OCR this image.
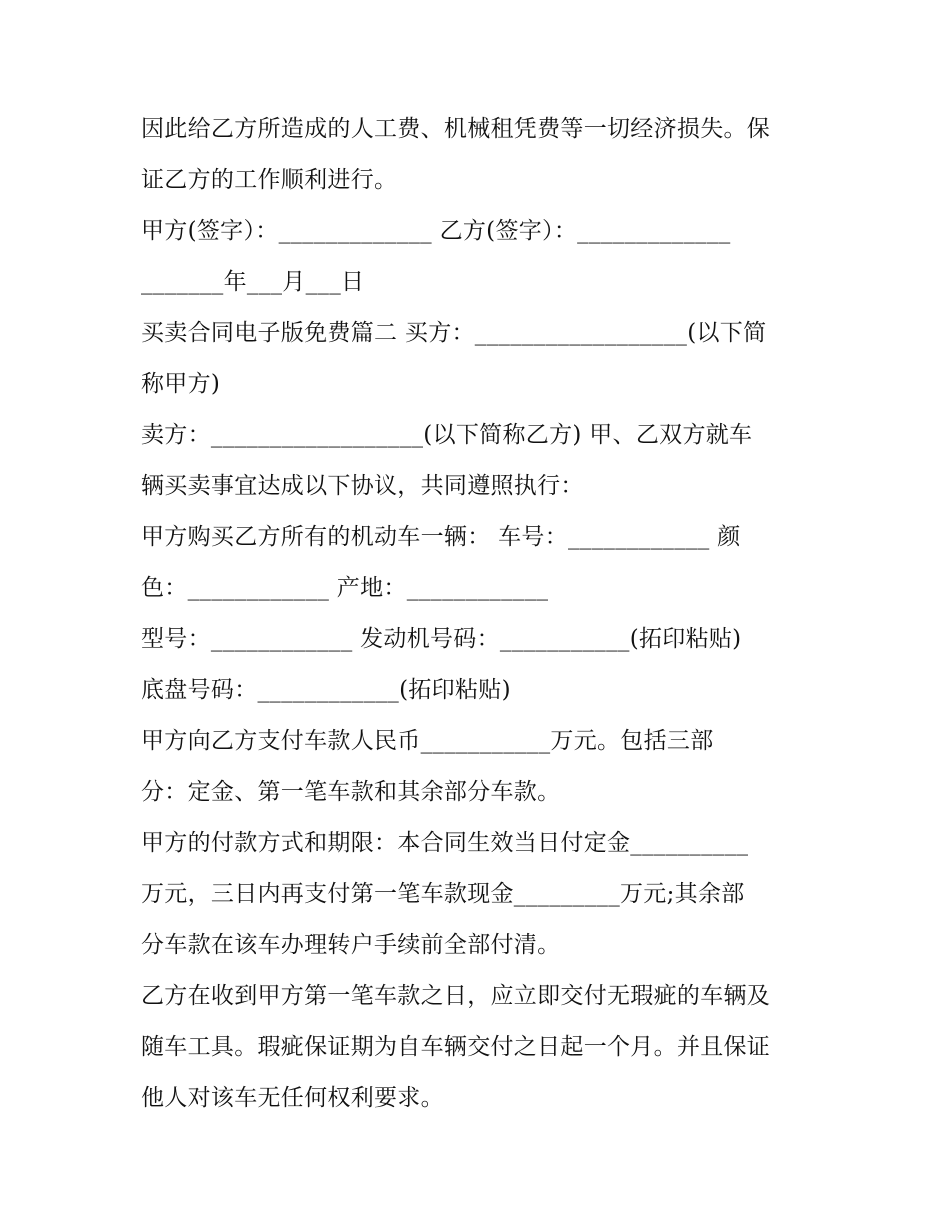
因此给乙方所造成的人工费、机械租凭费等一切经济损失。保
证乙方的工作顺利进行。
甲方(签字）：_____________ 乙方(签字）：_____________
_______年___月___日
买卖合同电子版免费篇二 买方：__________________(以下简
称甲方)
卖方：__________________(以下简称乙方) 甲、乙双方就车
辆买卖事宜达成以下协议，共同遵照执行：
甲方购买乙方所有的机动车一辆： 车号：____________ 颜
色：____________ 产地：____________
型号：____________ 发动机号码：___________(拓印粘贴)
底盘号码：____________(拓印粘贴)
甲方向乙方支付车款人民币___________万元。包括三部
分：定金、第一笔车款和其余部分车款。
甲方的付款方式和期限：本合同生效当日付定金__________
万元，三日内再支付第一笔车款现金_________万元;其余部
分车款在该车办理转户手续前全部付清。
乙方在收到甲方第一笔车款之日，应立即交付无瑕疵的车辆及
随车工具。瑕疵保证期为自车辆交付之日起一个月。并且保证
他人对该车无任何权利要求。
